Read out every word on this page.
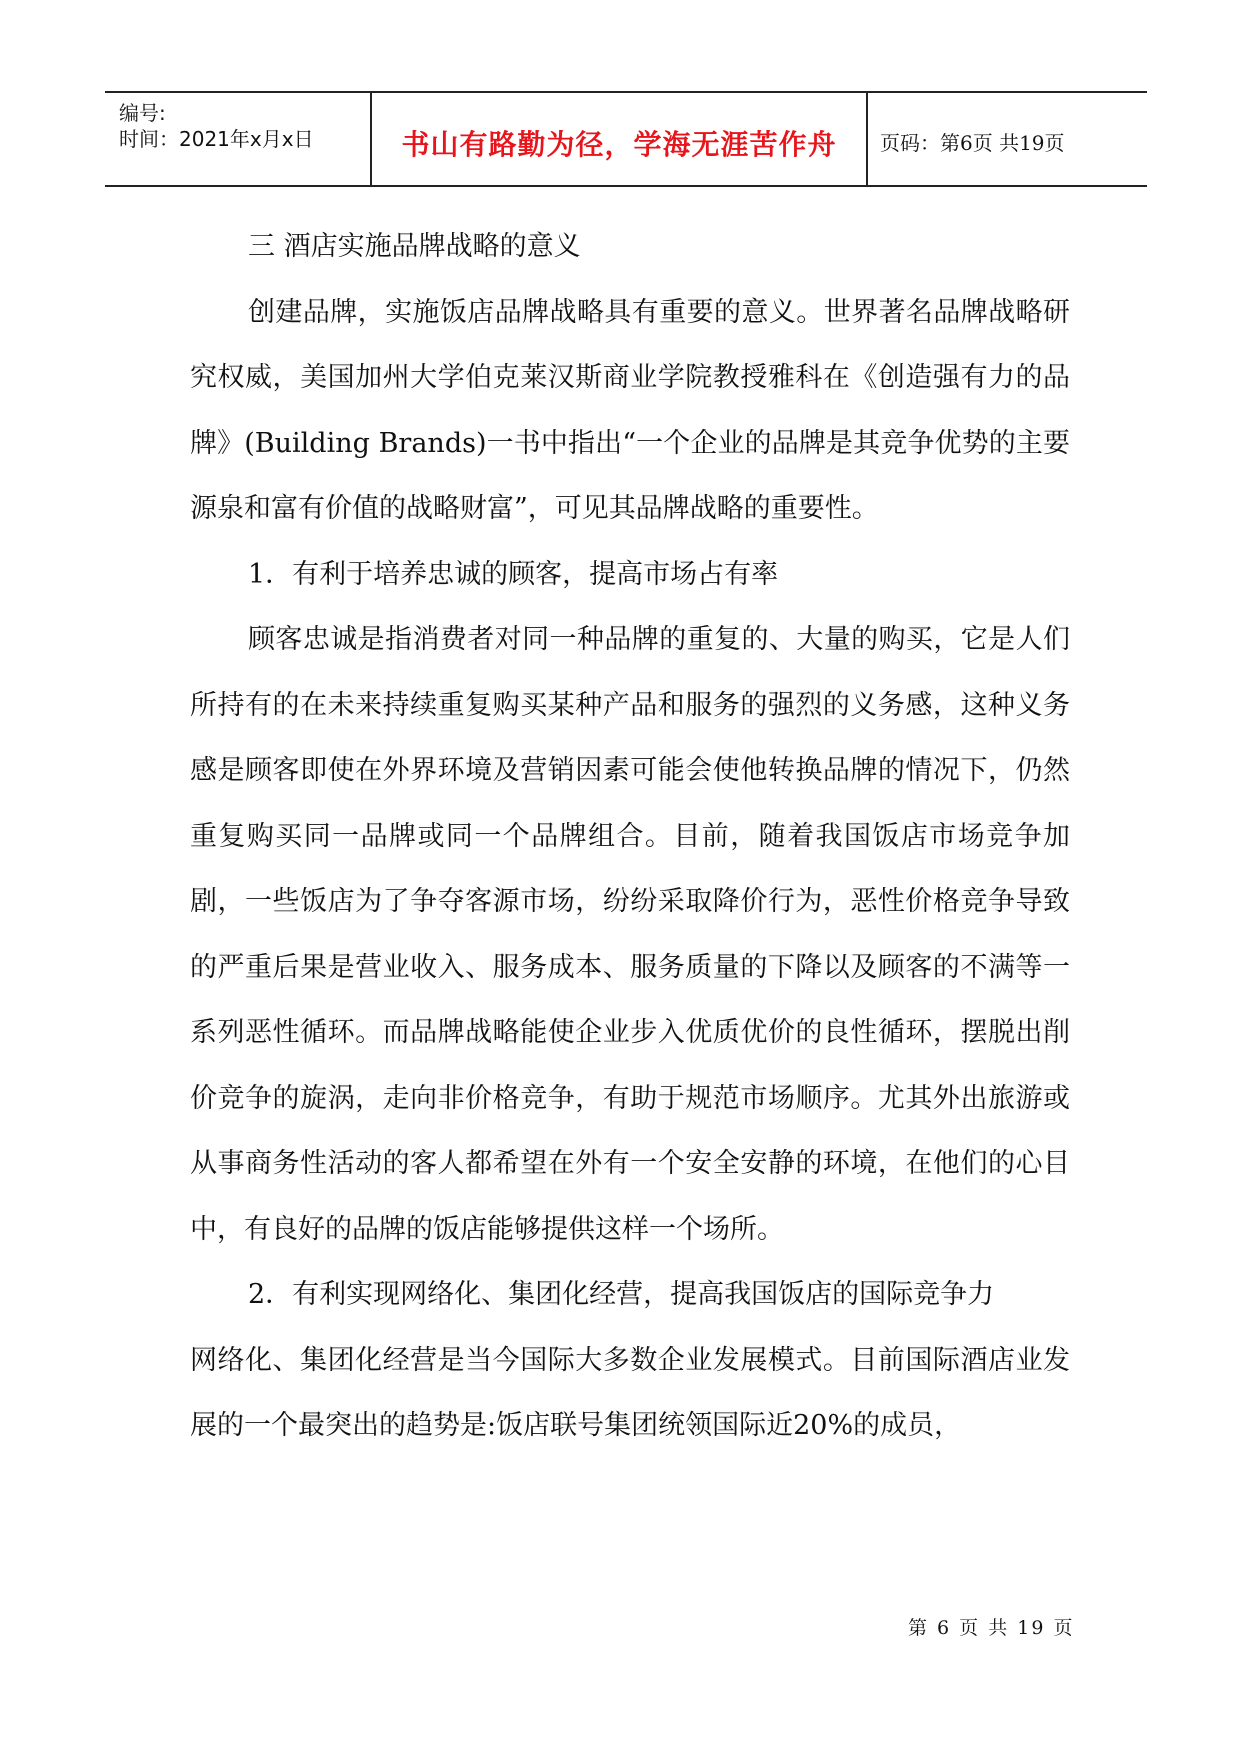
编号:
时间：2021年x月x日	书山有路勤为径，学海无涯苦作舟	页码：第6页 共19页

三 酒店实施品牌战略的意义

创建品牌，实施饭店品牌战略具有重要的意义。世界著名品牌战略研究权威，美国加州大学伯克莱汉斯商业学院教授雅科在《创造强有力的品牌》(Building Brands)一书中指出“一个企业的品牌是其竞争优势的主要源泉和富有价值的战略财富”，可见其品牌战略的重要性。

1．有利于培养忠诚的顾客，提高市场占有率

顾客忠诚是指消费者对同一种品牌的重复的、大量的购买，它是人们所持有的在未来持续重复购买某种产品和服务的强烈的义务感，这种义务感是顾客即使在外界环境及营销因素可能会使他转换品牌的情况下，仍然重复购买同一品牌或同一个品牌组合。目前，随着我国饭店市场竞争加剧，一些饭店为了争夺客源市场，纷纷采取降价行为，恶性价格竞争导致的严重后果是营业收入、服务成本、服务质量的下降以及顾客的不满等一系列恶性循环。而品牌战略能使企业步入优质优价的良性循环，摆脱出削价竞争的旋涡，走向非价格竞争，有助于规范市场顺序。尤其外出旅游或从事商务性活动的客人都希望在外有一个安全安静的环境，在他们的心目中，有良好的品牌的饭店能够提供这样一个场所。

2．有利实现网络化、集团化经营，提高我国饭店的国际竞争力

网络化、集团化经营是当今国际大多数企业发展模式。目前国际酒店业发展的一个最突出的趋势是:饭店联号集团统领国际近20%的成员，

第 6 页 共 19 页
